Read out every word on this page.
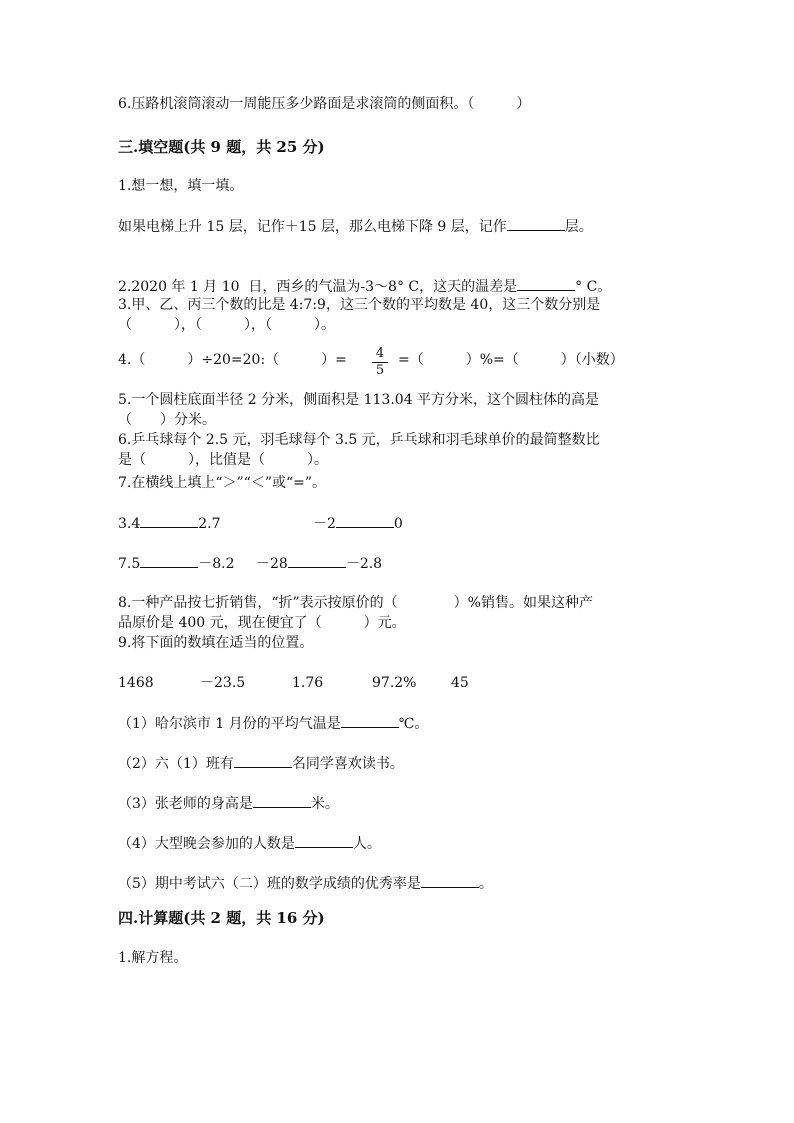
6.压路机滚筒滚动一周能压多少路面是求滚筒的侧面积。（　　　）
三.填空题(共 9 题，共 25 分)
1.想一想，填一填。
如果电梯上升 15 层，记作＋15 层，那么电梯下降 9 层，记作	层。
2.2020 年 1 月 10  日，西乡的气温为-3～8° C，这天的温差是	° C。
3.甲、乙、丙三个数的比是 4:7:9，这三个数的平均数是 40，这三个数分别是
（　　　），（　　　），（　　　）。
4.（　　　）÷20=20:（　　　）= $\frac{4}{5}$ =（　　　）%=（　　　）（小数）
5.一个圆柱底面半径 2 分米，侧面积是 113.04 平方分米，这个圆柱体的高是
（　　）分米。
6.乒乓球每个 2.5 元，羽毛球每个 3.5 元，乒乓球和羽毛球单价的最简整数比
是（　　　），比值是（　　　）。
7.在横线上填上“＞”“＜”或“=”。
3.4	2.7	－2	0
7.5	－8.2 －28	－2.8
8.一种产品按七折销售，“折”表示按原价的（　　　　）%销售。如果这种产
品原价是 400 元，现在便宜了（　　　）元。
9.将下面的数填在适当的位置。
1468	－23.5	1.76	97.2% 45
（1）哈尔滨市 1 月份的平均气温是	℃。
（2）六（1）班有	名同学喜欢读书。
（3）张老师的身高是	米。
（4）大型晚会参加的人数是	人。
（5）期中考试六（二）班的数学成绩的优秀率是	。
四.计算题(共 2 题，共 16 分)
1.解方程。
